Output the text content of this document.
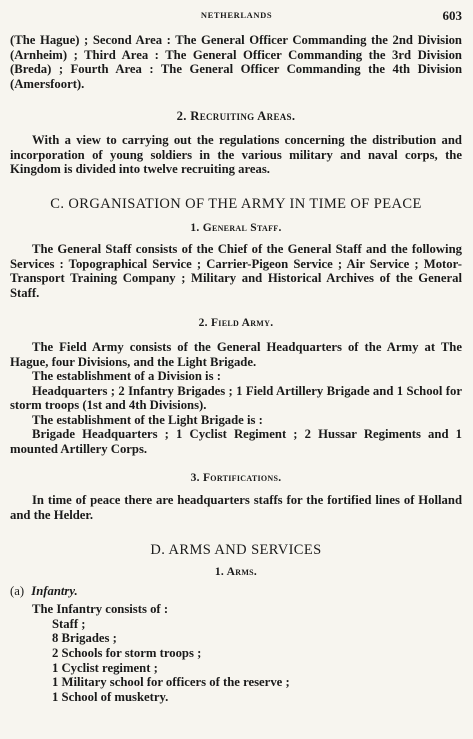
NETHERLANDS	603

(The Hague) ; Second Area : The General Officer Commanding the 2nd Division (Arnheim) ; Third Area : The General Officer Commanding the 3rd Division (Breda) ; Fourth Area : The General Officer Commanding the 4th Division (Amersfoort).

2. Recruiting Areas.

With a view to carrying out the regulations concerning the distribution and incorporation of young soldiers in the various military and naval corps, the Kingdom is divided into twelve recruiting areas.

C. ORGANISATION OF THE ARMY IN TIME OF PEACE

1. General Staff.

The General Staff consists of the Chief of the General Staff and the following Services : Topographical Service ; Carrier-Pigeon Service ; Air Service ; Motor-Transport Training Company ; Military and Historical Archives of the General Staff.

2. Field Army.

The Field Army consists of the General Headquarters of the Army at The Hague, four Divisions, and the Light Brigade.

The establishment of a Division is :

Headquarters ; 2 Infantry Brigades ; 1 Field Artillery Brigade and 1 School for storm troops (1st and 4th Divisions).

The establishment of the Light Brigade is :

Brigade Headquarters ; 1 Cyclist Regiment ; 2 Hussar Regiments and 1 mounted Artillery Corps.

3. Fortifications.

In time of peace there are headquarters staffs for the fortified lines of Holland and the Helder.

D. ARMS AND SERVICES

1. Arms.

(a) Infantry.

The Infantry consists of :

Staff ;
8 Brigades ;
2 Schools for storm troops ;
1 Cyclist regiment ;
1 Military school for officers of the reserve ;
1 School of musketry.
